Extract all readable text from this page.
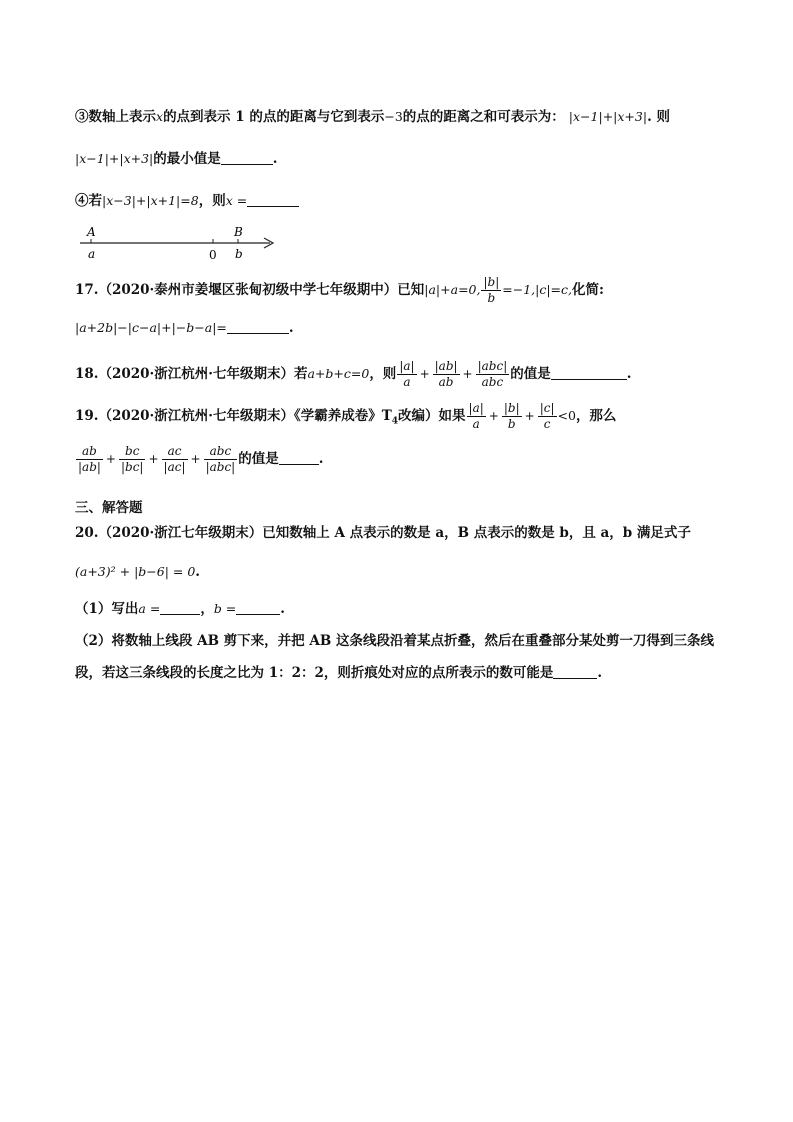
③数轴上表示x的点到表示 1 的点的距离与它到表示−3的点的距离之和可表示为： |x−1|+|x+3|. 则
|x−1|+|x+3|的最小值是	.
④若|x−3|+|x+1|=8，则x =
A
a	0
B
b
17.（2020·泰州市姜堰区张甸初级中学七年级期中）已知|a|+a=0, $\frac{|b|}{b} =-1,|c|=c$,化简:
|a+2b|−|c−a|+|−b−a|=	.
18.（2020·浙江杭州·七年级期末）若a+b+c=0，则 $\frac{|a|}{a} + \frac{|ab|}{ab} + \frac{\text{|abc|}}{\text{abc}}$ 的值是	.
19.（2020·浙江杭州·七年级期末）《学霸养成卷》$T_4$改编）如果 $\frac{|a|}{a} + \frac{|b|}{b} + \frac{|c|}{c} <0$，那么
$\frac{ab}{|ab|} + \frac{bc}{|bc|} + \frac{ac}{|ac|} + \frac{\text{abc}}{\text{|abc|}}$ 的值是	.
三、解答题
20.（2020·浙江七年级期末）已知数轴上 A 点表示的数是 a，B 点表示的数是 b，且 a，b 满足式子
(a+3)² + |b−6| = 0.
（1）写出a =	，b =	.
（2）将数轴上线段 AB 剪下来，并把 AB 这条线段沿着某点折叠，然后在重叠部分某处剪一刀得到三条线
段，若这三条线段的长度之比为 1：2：2，则折痕处对应的点所表示的数可能是	.
